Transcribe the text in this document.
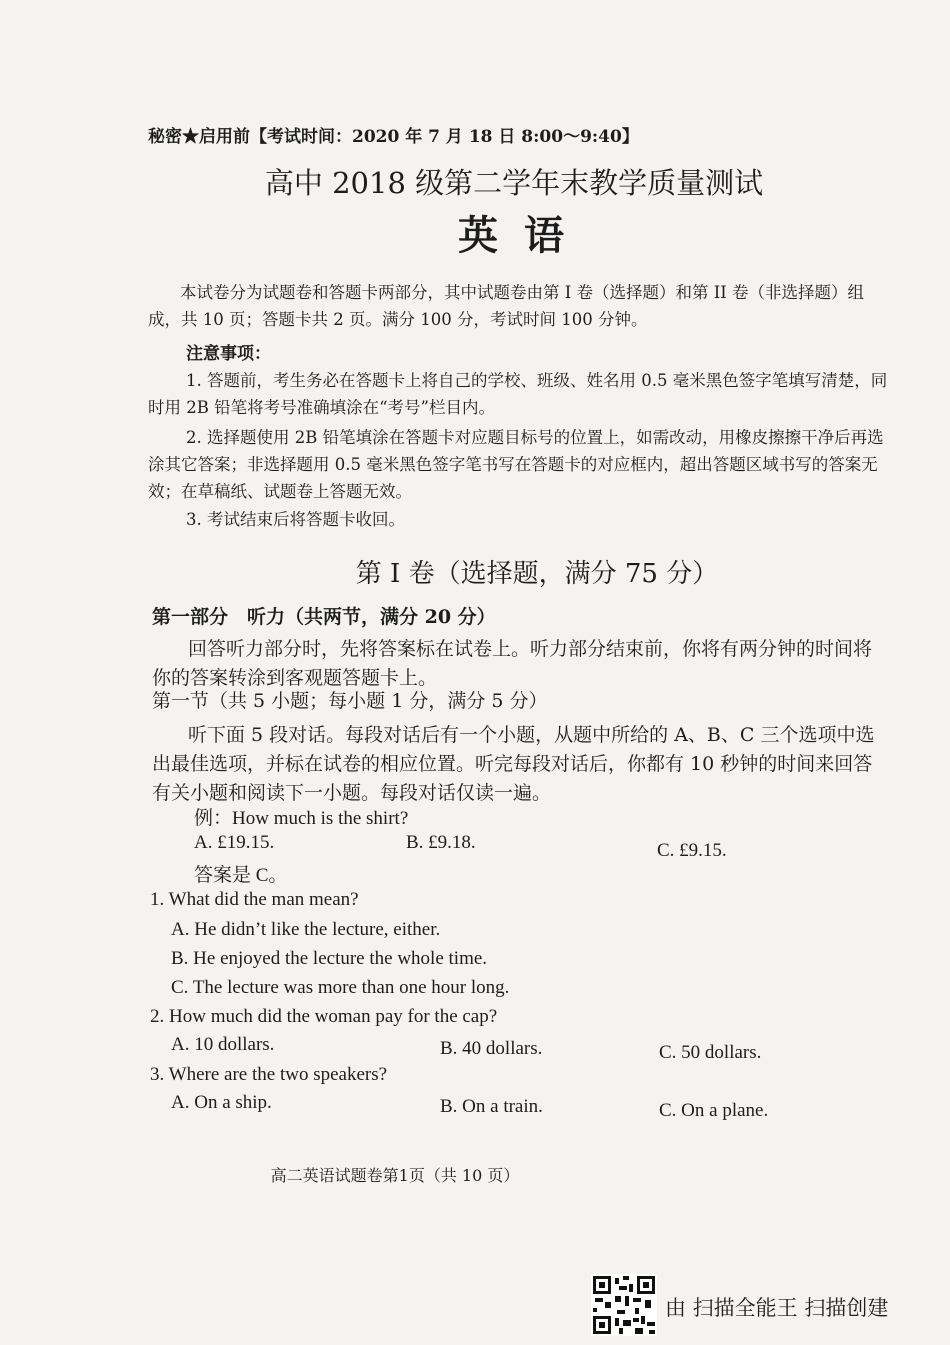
秘密★启用前【考试时间：2020 年 7 月 18 日 8:00～9:40】
高中 2018 级第二学年末教学质量测试
英语
本试卷分为试题卷和答题卡两部分，其中试题卷由第 I 卷（选择题）和第 II 卷（非选择题）组成，共 10 页；答题卡共 2 页。满分 100 分，考试时间 100 分钟。
注意事项：
1. 答题前，考生务必在答题卡上将自己的学校、班级、姓名用 0.5 毫米黑色签字笔填写清楚，同时用 2B 铅笔将考号准确填涂在“考号”栏目内。
2. 选择题使用 2B 铅笔填涂在答题卡对应题目标号的位置上，如需改动，用橡皮擦擦干净后再选涂其它答案；非选择题用 0.5 毫米黑色签字笔书写在答题卡的对应框内，超出答题区域书写的答案无效；在草稿纸、试题卷上答题无效。
3. 考试结束后将答题卡收回。
第 I 卷（选择题，满分 75 分）
第一部分　听力（共两节，满分 20 分）
回答听力部分时，先将答案标在试卷上。听力部分结束前，你将有两分钟的时间将你的答案转涂到客观题答题卡上。
第一节（共 5 小题；每小题 1 分，满分 5 分）
听下面 5 段对话。每段对话后有一个小题，从题中所给的 A、B、C 三个选项中选出最佳选项，并标在试卷的相应位置。听完每段对话后，你都有 10 秒钟的时间来回答有关小题和阅读下一小题。每段对话仅读一遍。
例：How much is the shirt?
A. £19.15.	B. £9.18.	C. £9.15.
答案是 C。
1. What did the man mean?
A. He didn’t like the lecture, either.
B. He enjoyed the lecture the whole time.
C. The lecture was more than one hour long.
2. How much did the woman pay for the cap?
A. 10 dollars.	B. 40 dollars.	C. 50 dollars.
3. Where are the two speakers?
A. On a ship.	B. On a train.	C. On a plane.
高二英语试题卷第1页（共 10 页）
由 扫描全能王 扫描创建
